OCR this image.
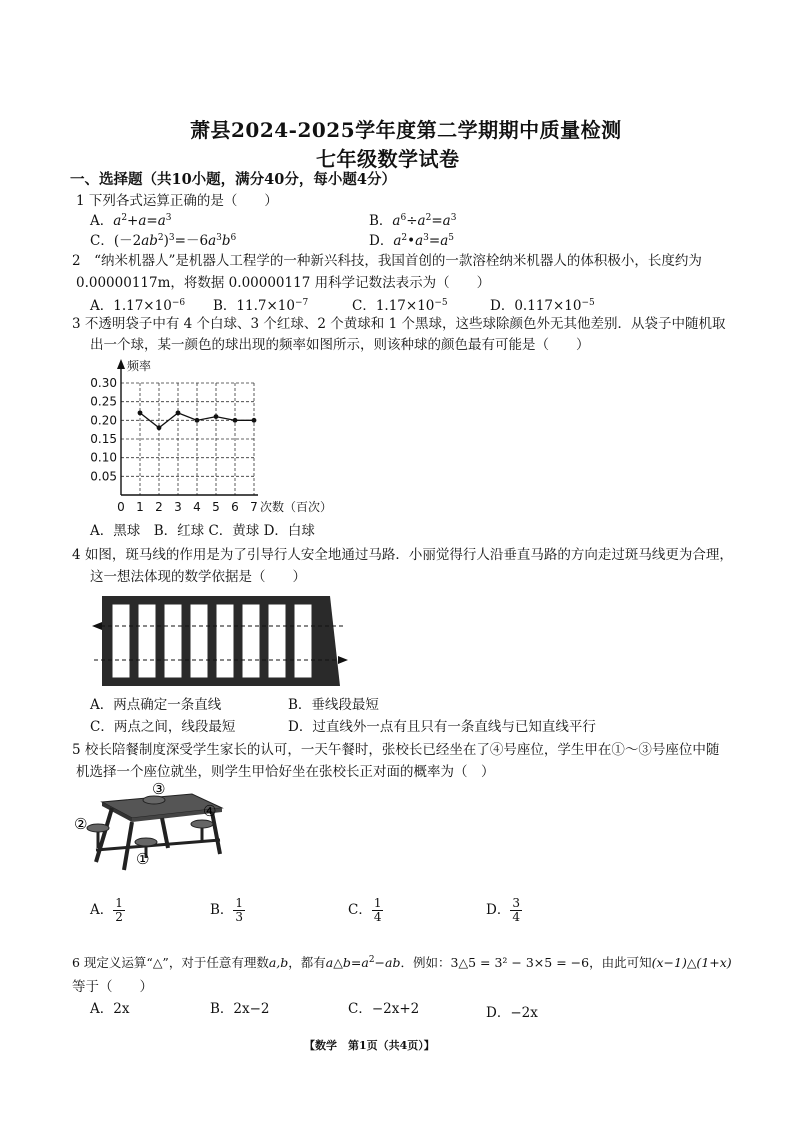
萧县2024-2025学年度第二学期期中质量检测
七年级数学试卷
一、选择题（共10小题，满分40分，每小题4分）
1 下列各式运算正确的是（　　）
A．$a^2+a=a^3$	B．$a^6\div a^2=a^3$
C．$(-2ab^2)^3=-6a^3b^6$	D．$a^2•a^3=a^5$
2　“纳米机器人”是机器人工程学的一种新兴科技，我国首创的一款溶栓纳米机器人的体积极小，长度约为
0.00000117m，将数据 0.00000117 用科学记数法表示为（　　）
A．$1.17\times 10^{-6}$ B．$11.7\times 10^{-7}$	C．$1.17\times 10^{-5}$	D．$0.117\times 10^{-5}$
3 不透明袋子中有 4 个白球、3 个红球、2 个黄球和 1 个黑球，这些球除颜色外无其他差别．从袋子中随机取
出一个球，某一颜色的球出现的频率如图所示，则该种球的颜色最有可能是（　　）
0.30
0.25
0.20
0.15
0.10
0.05
0 1 2 3 4 5 6 7
频率
次数（百次）
A．黑球　B．红球 C．黄球 D．白球
4 如图，斑马线的作用是为了引导行人安全地通过马路．小丽觉得行人沿垂直马路的方向走过斑马线更为合理，
这一想法体现的数学依据是（　　）
A．两点确定一条直线	B．垂线段最短
C．两点之间，线段最短	D．过直线外一点有且只有一条直线与已知直线平行
5 校长陪餐制度深受学生家长的认可，一天午餐时，张校长已经坐在了④号座位，学生甲在①～③号座位中随
机选择一个座位就坐，则学生甲恰好坐在张校长正对面的概率为（　）
③
②
④
①
A． $\frac{1}{2}$	B． $\frac{1}{3}$	C． $\frac{1}{4}$	D． $\frac{3}{4}$
6 现定义运算“△”，对于任意有理数a,b，都有$a\triangle b=a^2-ab$．例如：3△5 = 3² − 3×5 = −6，由此可知(x−1)△(1+x)
等于（　　）
A．2x	B．2x−2	C．−2x+2	D．−2x
【数学　第1页（共4页）】
